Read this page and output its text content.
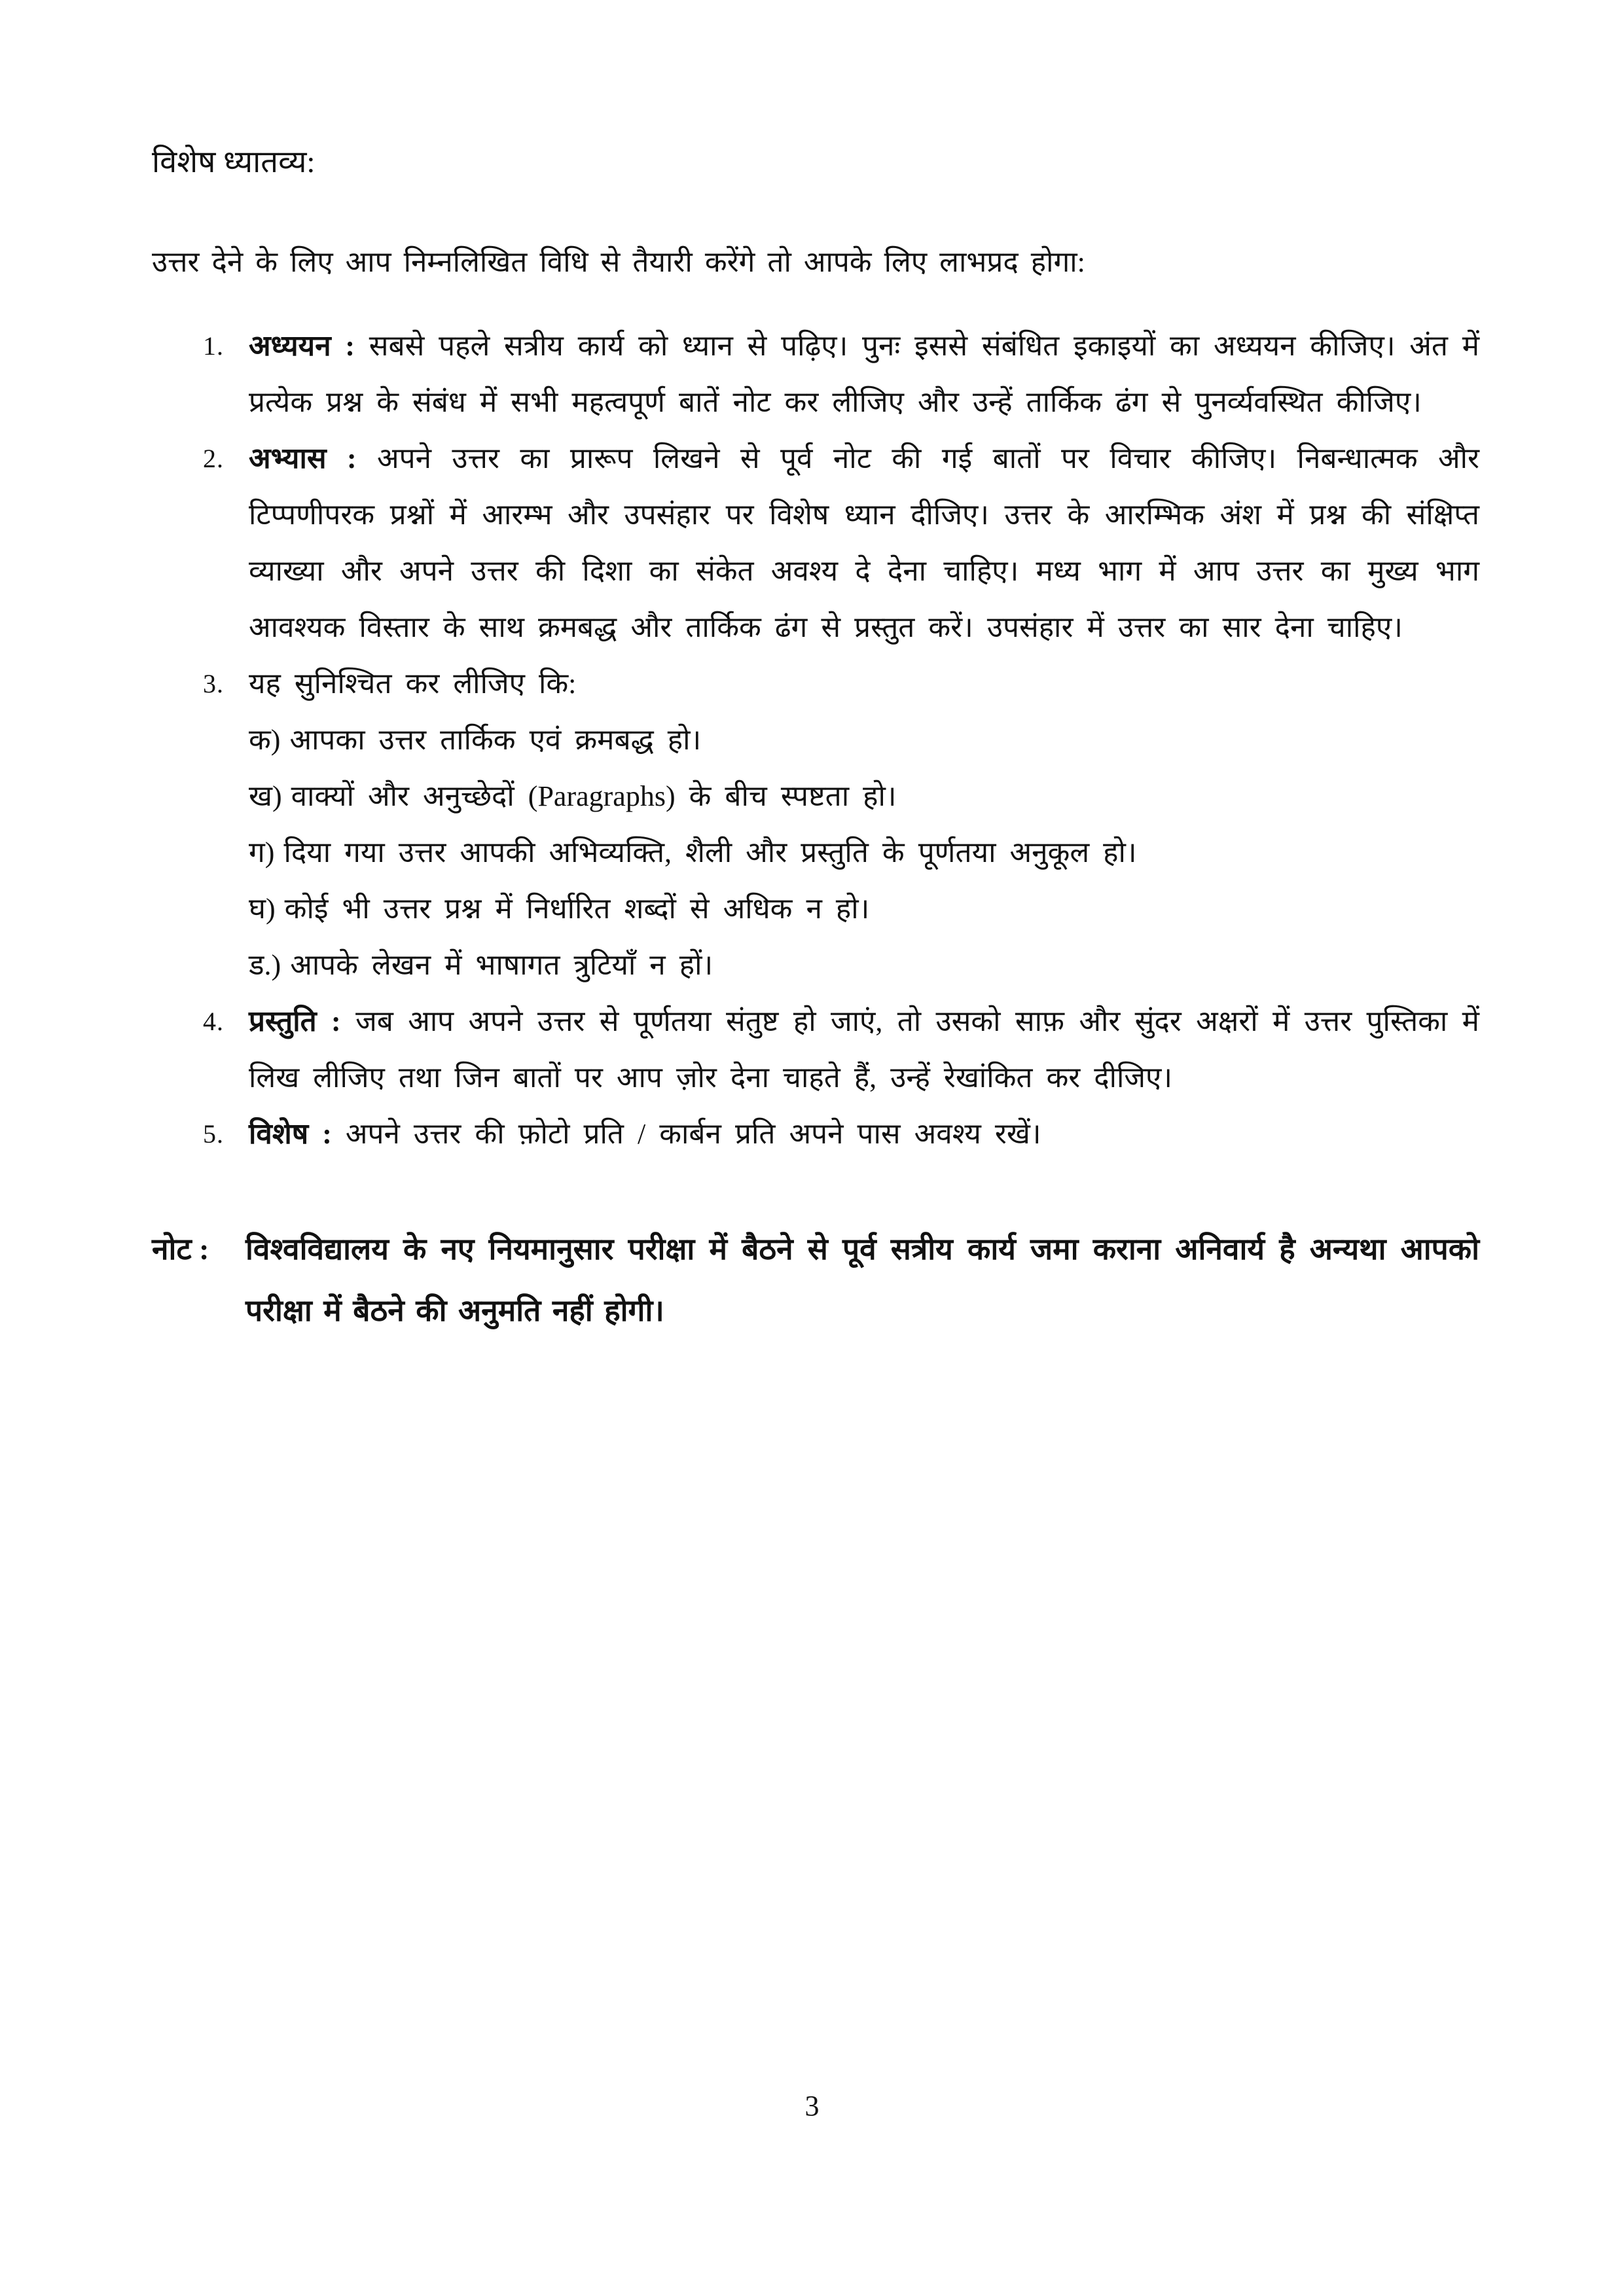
विशेष ध्यातव्य:
उत्तर देने के लिए आप निम्नलिखित विधि से तैयारी करेंगे तो आपके लिए लाभप्रद होगा:
1. अध्ययन : सबसे पहले सत्रीय कार्य को ध्यान से पढ़िए। पुनः इससे संबंधित इकाइयों का अध्ययन कीजिए। अंत में प्रत्येक प्रश्न के संबंध में सभी महत्वपूर्ण बातें नोट कर लीजिए और उन्हें तार्किक ढंग से पुनर्व्यवस्थित कीजिए।
2. अभ्यास : अपने उत्तर का प्रारूप लिखने से पूर्व नोट की गई बातों पर विचार कीजिए। निबन्धात्मक और टिप्पणीपरक प्रश्नों में आरम्भ और उपसंहार पर विशेष ध्यान दीजिए। उत्तर के आरम्भिक अंश में प्रश्न की संक्षिप्त व्याख्या और अपने उत्तर की दिशा का संकेत अवश्य दे देना चाहिए। मध्य भाग में आप उत्तर का मुख्य भाग आवश्यक विस्तार के साथ क्रमबद्ध और तार्किक ढंग से प्रस्तुत करें। उपसंहार में उत्तर का सार देना चाहिए।
3. यह सुनिश्चित कर लीजिए कि:
क) आपका उत्तर तार्किक एवं क्रमबद्ध हो।
ख) वाक्यों और अनुच्छेदों (Paragraphs) के बीच स्पष्टता हो।
ग) दिया गया उत्तर आपकी अभिव्यक्ति, शैली और प्रस्तुति के पूर्णतया अनुकूल हो।
घ) कोई भी उत्तर प्रश्न में निर्धारित शब्दों से अधिक न हो।
ड.) आपके लेखन में भाषागत त्रुटियाँ न हों।
4. प्रस्तुति : जब आप अपने उत्तर से पूर्णतया संतुष्ट हो जाएं, तो उसको साफ़ और सुंदर अक्षरों में उत्तर पुस्तिका में लिख लीजिए तथा जिन बातों पर आप ज़ोर देना चाहते हैं, उन्हें रेखांकित कर दीजिए।
5. विशेष : अपने उत्तर की फ़ोटो प्रति / कार्बन प्रति अपने पास अवश्य रखें।
नोट :	विश्वविद्यालय के नए नियमानुसार परीक्षा में बैठने से पूर्व सत्रीय कार्य जमा कराना अनिवार्य है अन्यथा आपको परीक्षा में बैठने की अनुमति नहीं होगी।
3
